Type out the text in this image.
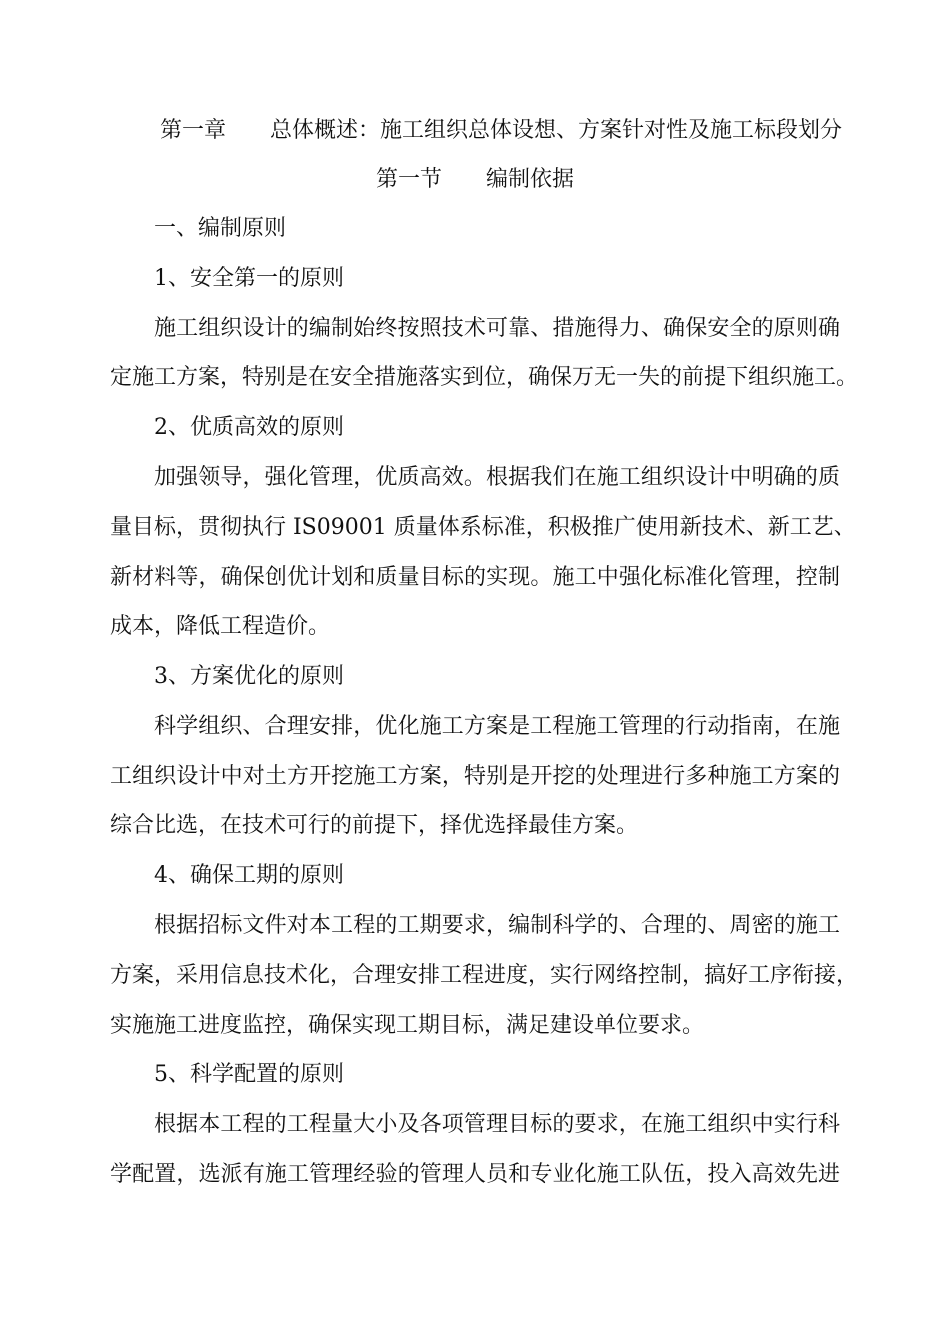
第一章　　总体概述：施工组织总体设想、方案针对性及施工标段划分
第一节　　编制依据
一、编制原则
1、安全第一的原则
施工组织设计的编制始终按照技术可靠、措施得力、确保安全的原则确
定施工方案，特别是在安全措施落实到位，确保万无一失的前提下组织施工。
2、优质高效的原则
加强领导，强化管理，优质高效。根据我们在施工组织设计中明确的质
量目标，贯彻执行 IS09001 质量体系标准，积极推广使用新技术、新工艺、
新材料等，确保创优计划和质量目标的实现。施工中强化标准化管理，控制
成本，降低工程造价。
3、方案优化的原则
科学组织、合理安排，优化施工方案是工程施工管理的行动指南，在施
工组织设计中对土方开挖施工方案，特别是开挖的处理进行多种施工方案的
综合比选，在技术可行的前提下，择优选择最佳方案。
4、确保工期的原则
根据招标文件对本工程的工期要求，编制科学的、合理的、周密的施工
方案，采用信息技术化，合理安排工程进度，实行网络控制，搞好工序衔接，
实施施工进度监控，确保实现工期目标，满足建设单位要求。
5、科学配置的原则
根据本工程的工程量大小及各项管理目标的要求，在施工组织中实行科
学配置，选派有施工管理经验的管理人员和专业化施工队伍，投入高效先进
